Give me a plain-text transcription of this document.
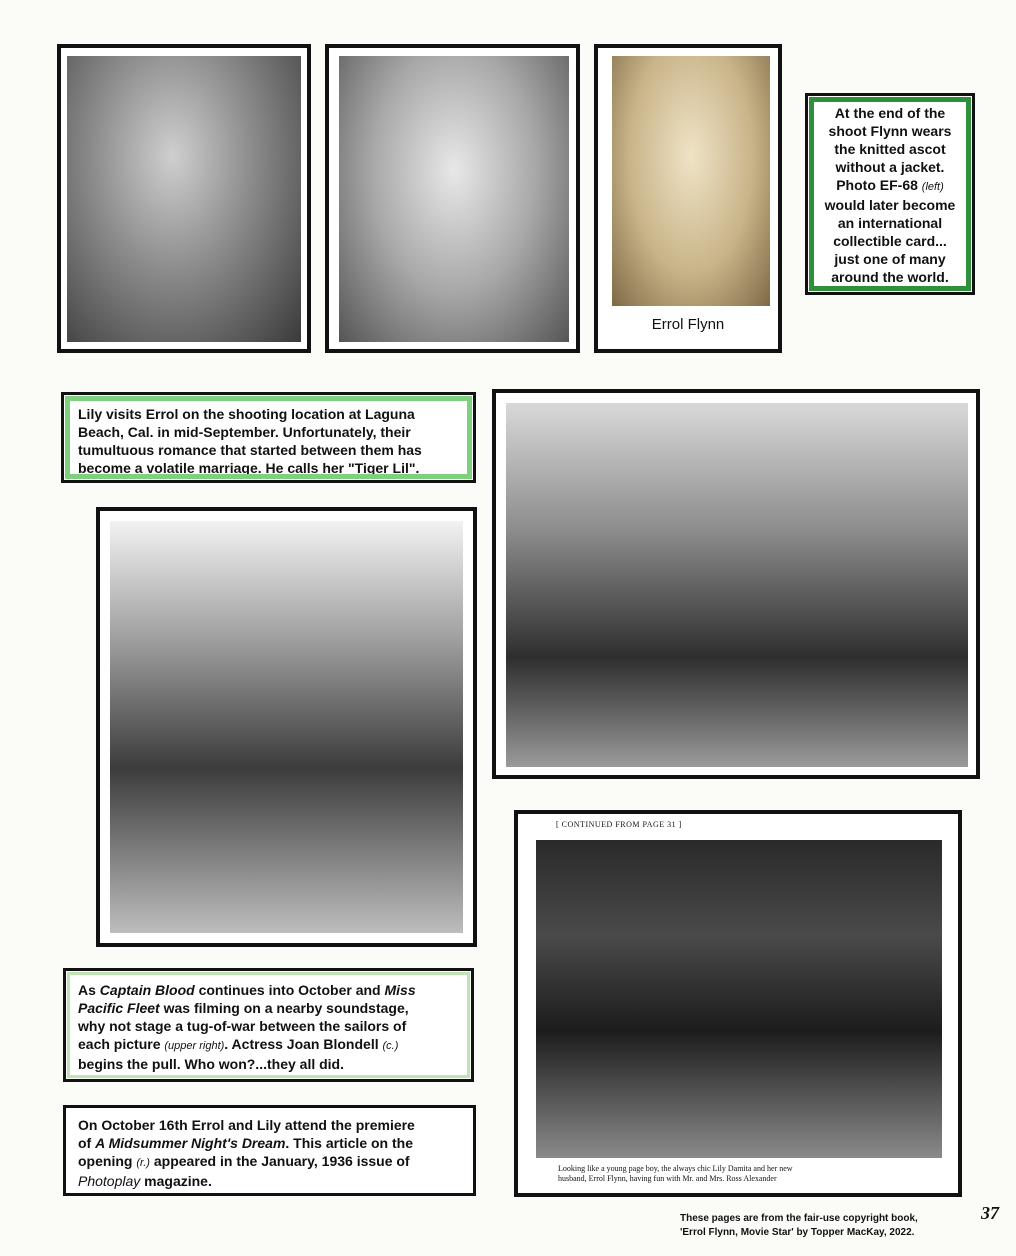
Errol Flynn
At the end of the
shoot Flynn wears
the knitted ascot
without a jacket.
Photo EF-68 (left)
would later become
an international
collectible card...
just one of many
around the world.
Lily visits Errol on the shooting location at Laguna
Beach, Cal. in mid-September. Unfortunately, their
tumultuous romance that started between them has
become a volatile marriage. He calls her "Tiger Lil".
As Captain Blood continues into October and Miss
Pacific Fleet was filming on a nearby soundstage,
why not stage a tug-of-war between the sailors of
each picture (upper right). Actress Joan Blondell (c.)
begins the pull. Who won?...they all did.
On October 16th Errol and Lily attend the premiere
of A Midsummer Night's Dream. This article on the
opening (r.) appeared in the January, 1936 issue of
Photoplay magazine.
[ CONTINUED FROM PAGE 31 ]
Looking like a young page boy, the always chic Lily Damita and her new
husband, Errol Flynn, having fun with Mr. and Mrs. Ross Alexander
37
These pages are from the fair-use copyright book,
'Errol Flynn, Movie Star' by Topper MacKay, 2022.
